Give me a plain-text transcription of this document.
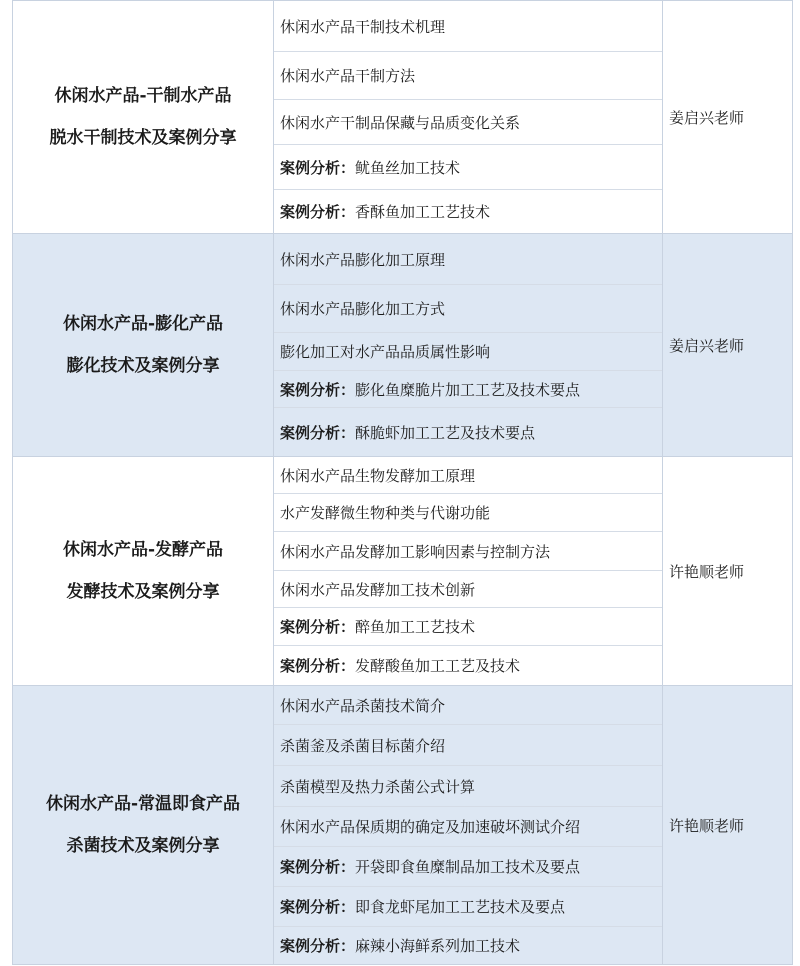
休闲水产品-干制水产品
脱水干制技术及案例分享
休闲水产品干制技术机理
休闲水产品干制方法
休闲水产干制品保藏与品质变化关系
案例分析： 鱿鱼丝加工技术
案例分析： 香酥鱼加工工艺技术
姜启兴老师
休闲水产品-膨化产品
膨化技术及案例分享
休闲水产品膨化加工原理
休闲水产品膨化加工方式
膨化加工对水产品品质属性影响
案例分析： 膨化鱼糜脆片加工工艺及技术要点
案例分析： 酥脆虾加工工艺及技术要点
姜启兴老师
休闲水产品-发酵产品
发酵技术及案例分享
休闲水产品生物发酵加工原理
水产发酵微生物种类与代谢功能
休闲水产品发酵加工影响因素与控制方法
休闲水产品发酵加工技术创新
案例分析： 醉鱼加工工艺技术
案例分析： 发酵酸鱼加工工艺及技术
许艳顺老师
休闲水产品-常温即食产品
杀菌技术及案例分享
休闲水产品杀菌技术简介
杀菌釜及杀菌目标菌介绍
杀菌模型及热力杀菌公式计算
休闲水产品保质期的确定及加速破坏测试介绍
案例分析： 开袋即食鱼糜制品加工技术及要点
案例分析： 即食龙虾尾加工工艺技术及要点
案例分析： 麻辣小海鲜系列加工技术
许艳顺老师
